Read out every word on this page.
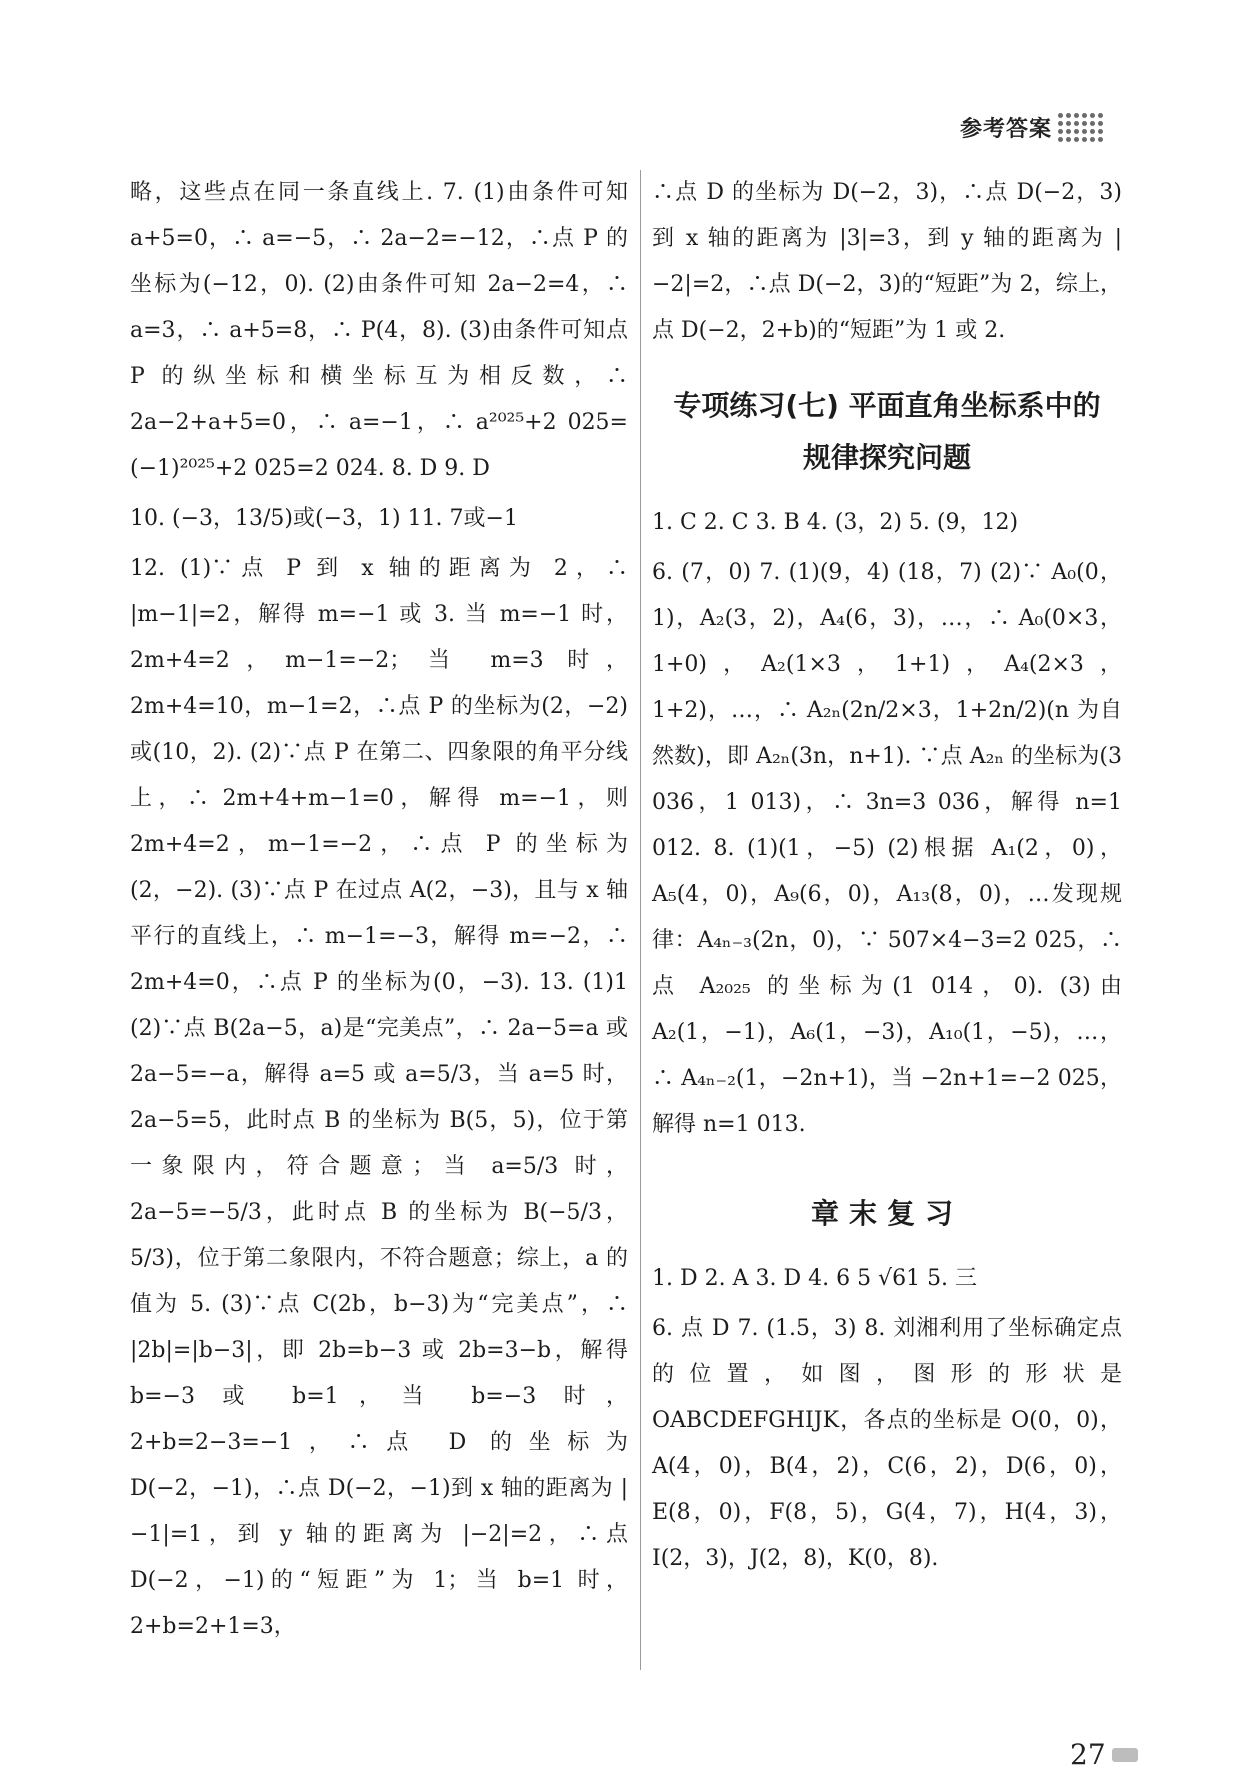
参考答案

略，这些点在同一条直线上. 7. (1)由条件可知 a+5=0，∴ a=−5，∴ 2a−2=−12，∴点 P 的坐标为(−12，0). (2)由条件可知 2a−2=4，∴ a=3，∴ a+5=8，∴ P(4，8). (3)由条件可知点 P 的纵坐标和横坐标互为相反数，∴ 2a−2+a+5=0，∴ a=−1，∴ a²⁰²⁵+2 025=(−1)²⁰²⁵+2 025=2 024. 8. D 9. D

10. (−3，13/5)或(−3，1) 11. 7或−1

12. (1)∵点 P 到 x 轴的距离为 2，∴ |m−1|=2，解得 m=−1 或 3. 当 m=−1 时，2m+4=2，m−1=−2；当 m=3 时，2m+4=10，m−1=2，∴点 P 的坐标为(2，−2)或(10，2). (2)∵点 P 在第二、四象限的角平分线上，∴ 2m+4+m−1=0，解得 m=−1，则 2m+4=2，m−1=−2，∴点 P 的坐标为(2，−2). (3)∵点 P 在过点 A(2，−3)，且与 x 轴平行的直线上，∴ m−1=−3，解得 m=−2，∴ 2m+4=0，∴点 P 的坐标为(0，−3). 13. (1)1 (2)∵点 B(2a−5，a)是“完美点”，∴ 2a−5=a 或 2a−5=−a，解得 a=5 或 a=5/3，当 a=5 时，2a−5=5，此时点 B 的坐标为 B(5，5)，位于第一象限内，符合题意；当 a=5/3 时，2a−5=−5/3，此时点 B 的坐标为 B(−5/3，5/3)，位于第二象限内，不符合题意；综上，a 的值为 5. (3)∵点 C(2b，b−3)为“完美点”，∴ |2b|=|b−3|，即 2b=b−3 或 2b=3−b，解得 b=−3 或 b=1，当 b=−3 时，2+b=2−3=−1，∴点 D 的坐标为 D(−2，−1)，∴点 D(−2，−1)到 x 轴的距离为 |−1|=1，到 y 轴的距离为 |−2|=2，∴点 D(−2，−1)的“短距”为 1；当 b=1 时，2+b=2+1=3，

∴点 D 的坐标为 D(−2，3)，∴点 D(−2，3)到 x 轴的距离为 |3|=3，到 y 轴的距离为 |−2|=2，∴点 D(−2，3)的“短距”为 2，综上，点 D(−2，2+b)的“短距”为 1 或 2.

专项练习(七) 平面直角坐标系中的
规律探究问题

1. C 2. C 3. B 4. (3，2) 5. (9，12)

6. (7，0) 7. (1)(9，4) (18，7) (2)∵ A₀(0，1)，A₂(3，2)，A₄(6，3)，…，∴ A₀(0×3，1+0)，A₂(1×3，1+1)，A₄(2×3，1+2)，…，∴ A₂ₙ(2n/2×3，1+2n/2)(n 为自然数)，即 A₂ₙ(3n，n+1). ∵点 A₂ₙ 的坐标为(3 036，1 013)，∴ 3n=3 036，解得 n=1 012. 8. (1)(1，−5) (2)根据 A₁(2，0)，A₅(4，0)，A₉(6，0)，A₁₃(8，0)，…发现规律：A₄ₙ₋₃(2n，0)，∵ 507×4−3=2 025，∴点 A₂₀₂₅ 的坐标为(1 014，0). (3)由 A₂(1，−1)，A₆(1，−3)，A₁₀(1，−5)，…，∴ A₄ₙ₋₂(1，−2n+1)，当 −2n+1=−2 025，解得 n=1 013.

章末复习

1. D 2. A 3. D 4. 6 5 √61 5. 三

6. 点 D 7. (1.5，3) 8. 刘湘利用了坐标确定点的位置，如图，图形的形状是 OABCDEFGHIJK，各点的坐标是 O(0，0)，A(4，0)，B(4，2)，C(6，2)，D(6，0)，E(8，0)，F(8，5)，G(4，7)，H(4，3)，I(2，3)，J(2，8)，K(0，8).

27
